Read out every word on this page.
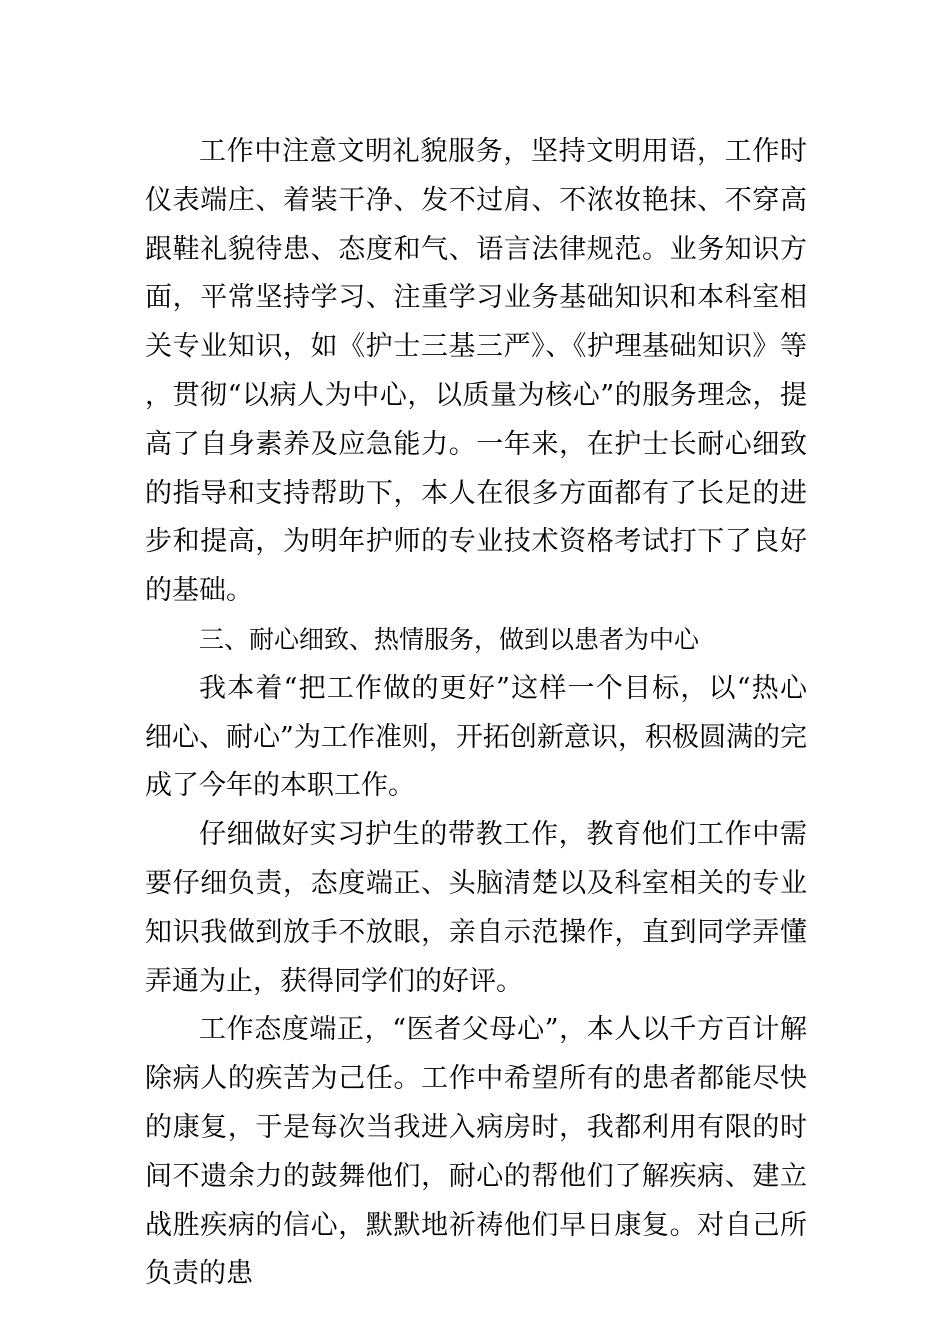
工作中注意文明礼貌服务，坚持文明用语，工作时仪表端庄、着装干净、发不过肩、不浓妆艳抹、不穿高跟鞋礼貌待患、态度和气、语言法律规范。业务知识方面，平常坚持学习、注重学习业务基础知识和本科室相关专业知识，如《护士三基三严》、《护理基础知识》等，贯彻“以病人为中心，以质量为核心”的服务理念，提高了自身素养及应急能力。一年来，在护士长耐心细致的指导和支持帮助下，本人在很多方面都有了长足的进步和提高，为明年护师的专业技术资格考试打下了良好的基础。

三、耐心细致、热情服务，做到以患者为中心

我本着“把工作做的更好”这样一个目标，以“热心细心、耐心”为工作准则，开拓创新意识，积极圆满的完成了今年的本职工作。

仔细做好实习护生的带教工作，教育他们工作中需要仔细负责，态度端正、头脑清楚以及科室相关的专业知识我做到放手不放眼，亲自示范操作，直到同学弄懂弄通为止，获得同学们的好评。

工作态度端正，“医者父母心”，本人以千方百计解除病人的疾苦为己任。工作中希望所有的患者都能尽快的康复，于是每次当我进入病房时，我都利用有限的时间不遗余力的鼓舞他们，耐心的帮他们了解疾病、建立战胜疾病的信心，默默地祈祷他们早日康复。对自己所负责的患
